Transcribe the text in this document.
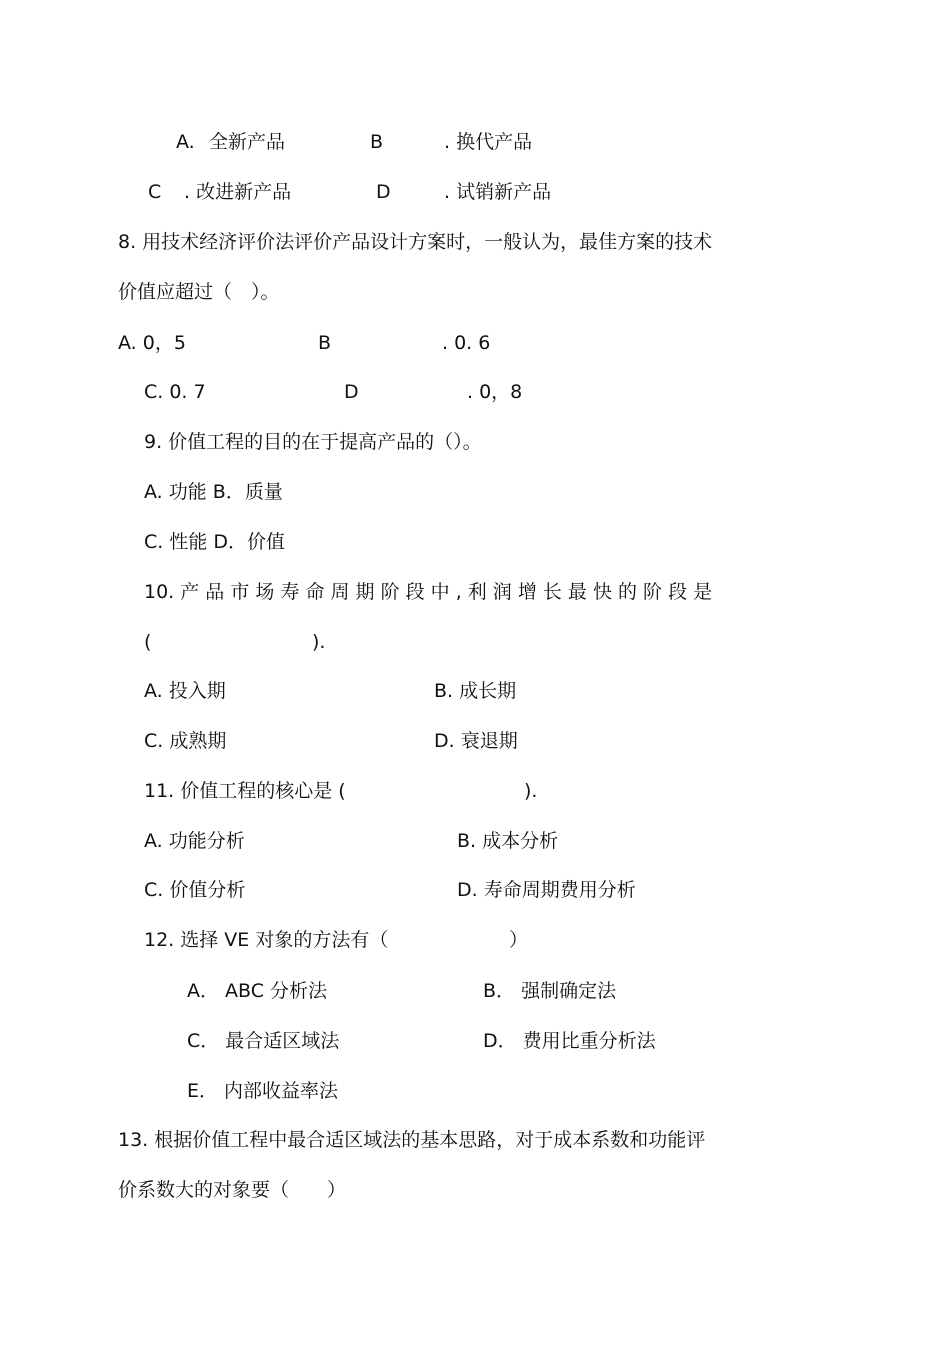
A. 全新产品	B	. 换代产品
C . 改进新产品	D	. 试销新产品
8. 用技术经济评价法评价产品设计方案时，一般认为，最佳方案的技术
价值应超过（　）。
A. 0，5	B	. 0. 6
C. 0. 7	D	. 0，8
9. 价值工程的目的在于提高产品的（）。
A. 功能 B．质量
C. 性能 D．价值
10. 产 品 市 场 寿 命 周 期 阶 段 中 , 利 润 增 长 最 快 的 阶 段 是
(	).
A. 投入期	B. 成长期
C. 成熟期	D. 衰退期
11. 价值工程的核心是 (	).
A. 功能分析	B. 成本分析
C. 价值分析	D. 寿命周期费用分析
12. 选择 VE 对象的方法有（	）
A． ABC 分析法	B． 强制确定法
C． 最合适区域法	D． 费用比重分析法
E． 内部收益率法
13. 根据价值工程中最合适区域法的基本思路，对于成本系数和功能评
价系数大的对象要（　　）
